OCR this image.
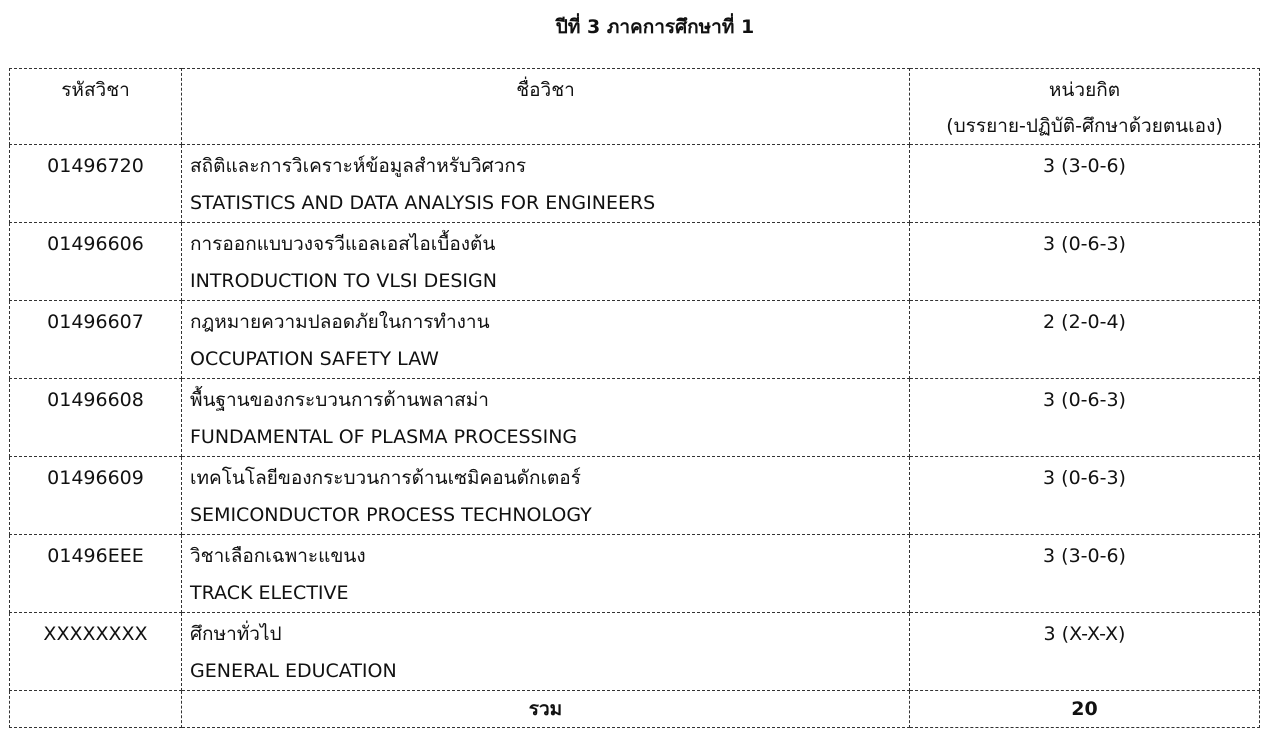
ปีที่ 3 ภาคการศึกษาที่ 1
รหัสวิชา	ชื่อวิชา	หน่วยกิต
(บรรยาย-ปฏิบัติ-ศึกษาด้วยตนเอง)

01496720	สถิติและการวิเคราะห์ข้อมูลสำหรับวิศวกร
STATISTICS AND DATA ANALYSIS FOR ENGINEERS	3 (3-0-6)

01496606	การออกแบบวงจรวีแอลเอสไอเบื้องต้น
INTRODUCTION TO VLSI DESIGN	3 (0-6-3)

01496607	กฎหมายความปลอดภัยในการทำงาน
OCCUPATION SAFETY LAW	2 (2-0-4)

01496608	พื้นฐานของกระบวนการด้านพลาสม่า
FUNDAMENTAL OF PLASMA PROCESSING	3 (0-6-3)

01496609	เทคโนโลยีของกระบวนการด้านเซมิคอนดักเตอร์
SEMICONDUCTOR PROCESS TECHNOLOGY	3 (0-6-3)

01496EEE	วิชาเลือกเฉพาะแขนง
TRACK ELECTIVE	3 (3-0-6)

XXXXXXXX	ศึกษาทั่วไป
GENERAL EDUCATION	3 (X-X-X)

	รวม	20
